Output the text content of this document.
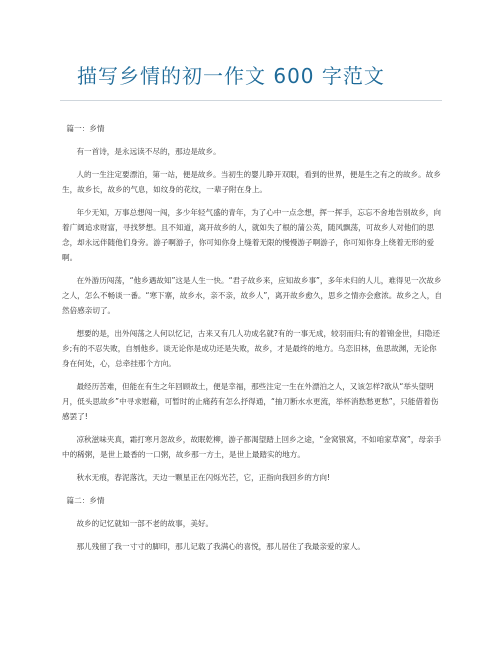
描写乡情的初一作文 600 字范文

篇一：乡情

有一首诗，是永远读不尽的，那边是故乡。

人的一生注定要漂泊，第一站，便是故乡。当初生的婴儿睁开双眼，看到的世界，便是生之有之的故乡。故乡生，故乡长，故乡的气息，如纹身的花纹，一辈子附在身上。

年少无知，万事总想闯一闯，多少年轻气盛的青年，为了心中一点念想，挥一挥手，忘忘不舍地告别故乡，向着广阔追求财富，寻找梦想。且不知道，离开故乡的人，就如失了根的蒲公英，随风飘荡，可故乡人对他们的思念，却永远伴随他们身旁。游子啊游子，你可知你身上缝着无限的慢慢游子啊游子，你可知你身上绕着无形的爱啊。

在外游历闯荡，“他乡遇故知”这是人生一快。“君子故乡来，应知故乡事”，多年未归的人儿，难得见一次故乡之人，怎么不畅谈一番。“寒下寨，故乡水，亲不亲，故乡人”，离开故乡愈久，思乡之情亦会愈浓。故乡之人，自然倍感亲切了。

想要的是，出外闯荡之人何以忆记，古来又有几人功成名就?有的一事无成，较羽而归;有的着锦金世，归隐还乡;有的不忍失败，自刎他乡。谈无论你是成功还是失败，故乡，才是最终的地方。乌恋旧林，鱼思故渊，无论你身在何处，心，总牵挂那个方向。

最经历苦难，但能在有生之年回顾故土，便是幸福，那些注定一生在外漂泊之人，又该怎样?欲从“举头望明月，低头思故乡”中寻求慰藉，可暂时的止痛药有怎么抒得通，“抽刀断水水更流，举杯消愁愁更愁”，只能借着伤感罢了!

凉秋滋味夹真，霜打寒月忽故乡，故眠乾柳，游子都渴望踏上回乡之途，“金窝银窝，不如咱家草窝”，母亲手中的稀粥，是世上最香的一口粥，故乡那一方土，是世上最踏实的地方。

秋水无痕，春泥落沈，天边一颗星正在闪烁光芒，它，正指向我回乡的方向!

篇二：乡情

故乡的记忆就如一部不老的故事，美好。

那儿残留了我一寸寸的脚印，那儿记载了我满心的喜悦，那儿居住了我最亲爱的家人。
